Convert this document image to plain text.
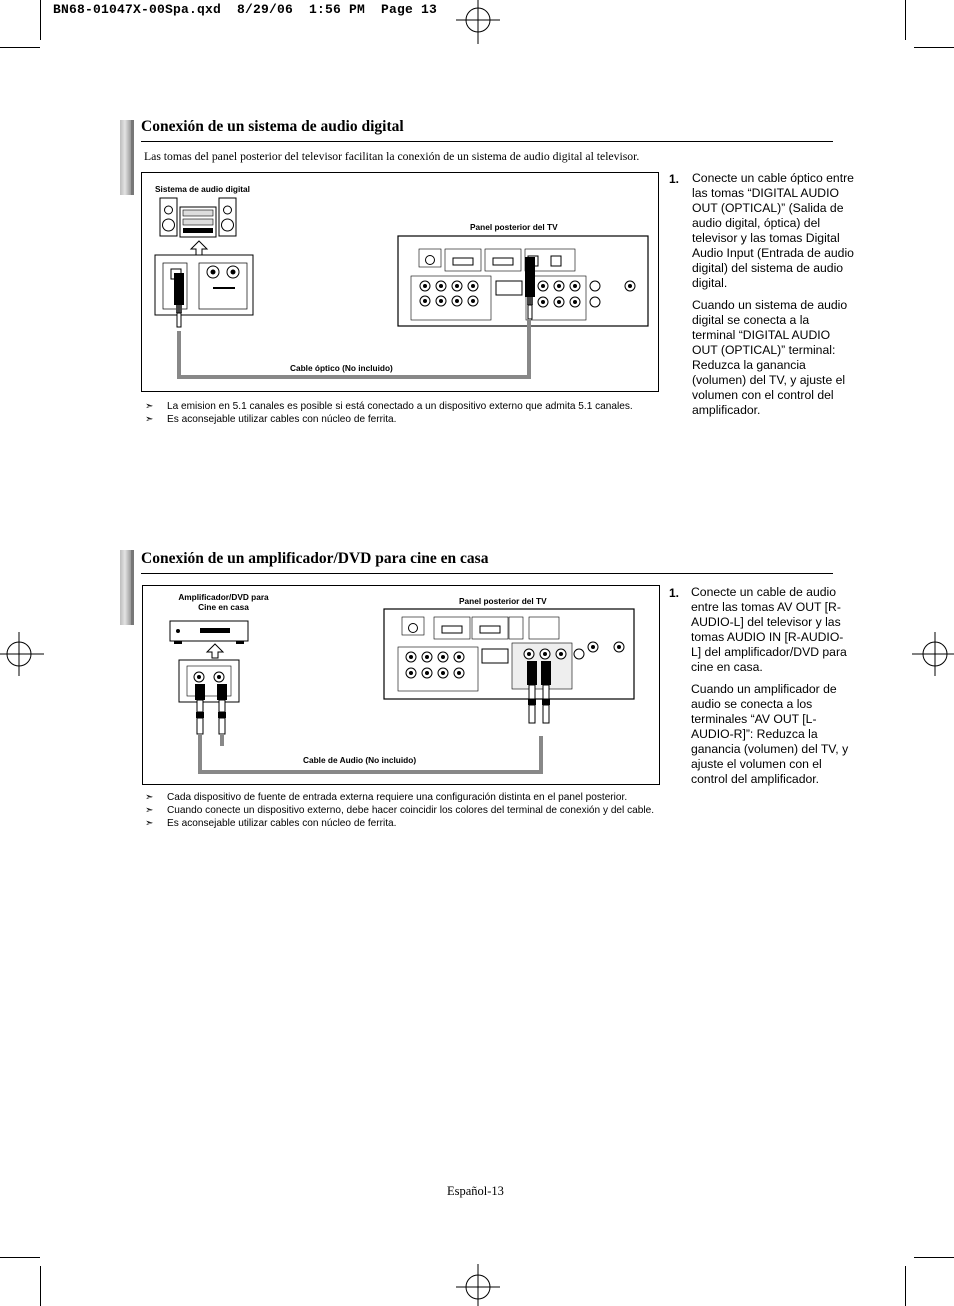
BN68-01047X-00Spa.qxd  8/29/06  1:56 PM  Page 13
Conexión de un sistema de audio digital
Las tomas del panel posterior del televisor facilitan la conexión de un sistema de audio digital al televisor.
Sistema de audio digital
Panel posterior del TV
Cable óptico (No incluido)
1. Conecte un cable óptico entre las tomas “DIGITAL AUDIO OUT (OPTICAL)” (Salida de audio digital, óptica) del televisor y las tomas Digital Audio Input (Entrada de audio digital) del sistema de audio digital.

Cuando un sistema de audio digital se conecta a la terminal “DIGITAL AUDIO OUT (OPTICAL)” terminal: Reduzca la ganancia (volumen) del TV, y ajuste el volumen con el control del amplificador.

➣ La emision en 5.1 canales es posible si está conectado a un dispositivo externo que admita 5.1 canales.
➣ Es aconsejable utilizar cables con núcleo de ferrita.
Conexión de un amplificador/DVD para cine en casa
Amplificador/DVD para
Cine en casa
Panel posterior del TV
Cable de Audio (No incluido)
1. Conecte un cable de audio entre las tomas AV OUT [R-AUDIO-L] del televisor y las tomas AUDIO IN [R-AUDIO-L] del amplificador/DVD para cine en casa.

Cuando un amplificador de audio se conecta a los terminales “AV OUT [L-AUDIO-R]”: Reduzca la ganancia (volumen) del TV, y ajuste el volumen con el control del amplificador.

➣ Cada dispositivo de fuente de entrada externa requiere una configuración distinta en el panel posterior.
➣ Cuando conecte un dispositivo externo, debe hacer coincidir los colores del terminal de conexión y del cable.
➣ Es aconsejable utilizar cables con núcleo de ferrita.
Español-13
